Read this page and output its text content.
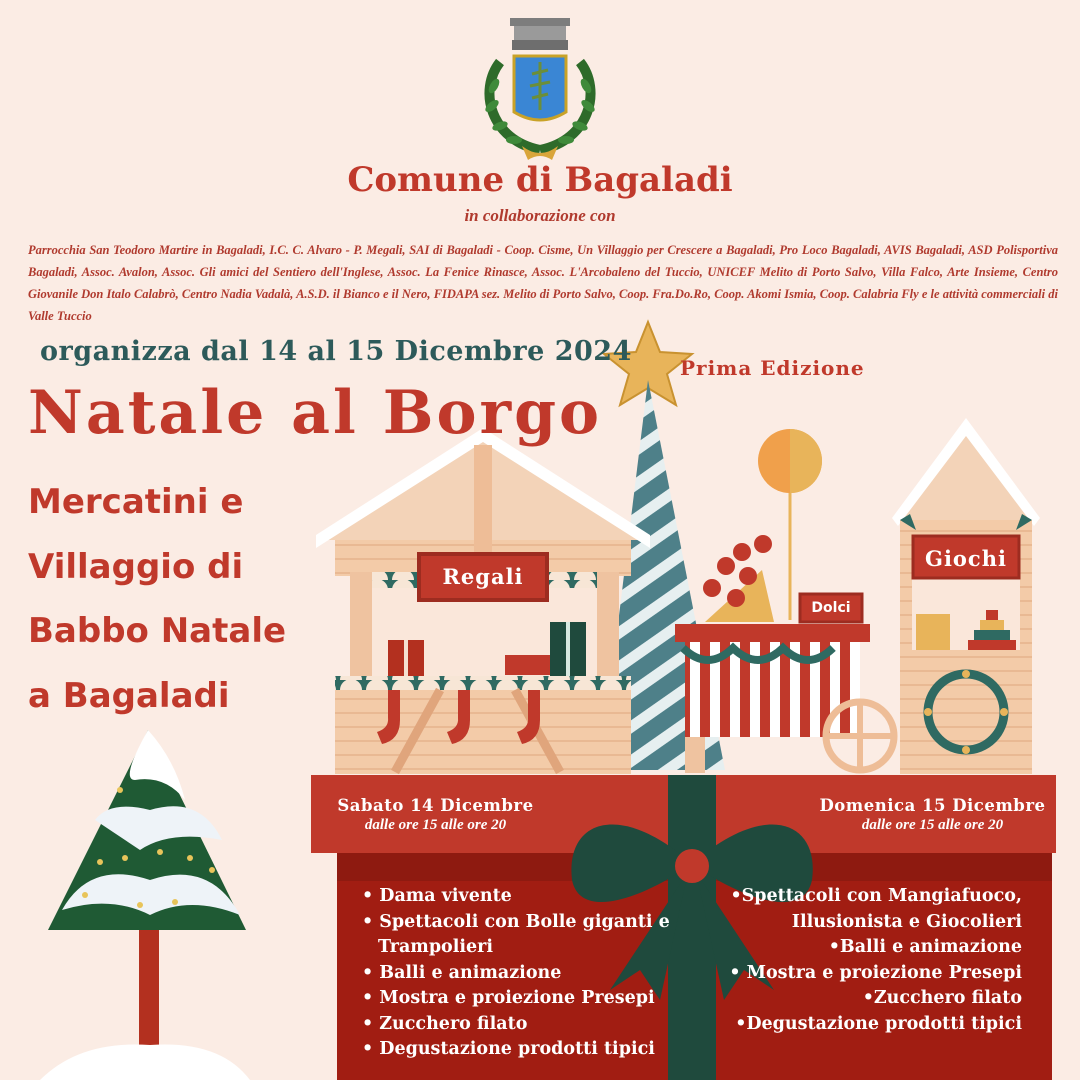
Comune di Bagaladi
in collaborazione con
Parrocchia San Teodoro Martire in Bagaladi, I.C. C. Alvaro - P. Megali, SAI di Bagaladi - Coop. Cisme, Un Villaggio per Crescere a Bagaladi, Pro Loco Bagaladi, AVIS Bagaladi, ASD Polisportiva Bagaladi, Assoc. Avalon, Assoc. Gli amici del Sentiero dell'Inglese, Assoc. La Fenice Rinasce, Assoc. L'Arcobaleno del Tuccio, UNICEF Melito di Porto Salvo, Villa Falco, Arte Insieme, Centro Giovanile Don Italo Calabrò, Centro Nadia Vadalà, A.S.D. il Bianco e il Nero, FIDAPA sez. Melito di Porto Salvo, Coop. Fra.Do.Ro, Coop. Akomi Ismia, Coop. Calabria Fly e le attività commerciali di Valle Tuccio
organizza dal 14 al 15 Dicembre 2024
Natale al Borgo
Prima Edizione
Mercatini e
Villaggio di
Babbo Natale
a Bagaladi
Regali
Giochi
Dolci
Sabato 14 Dicembre
dalle ore 15 alle ore 20
Domenica 15 Dicembre
dalle ore 15 alle ore 20
• Dama vivente
• Spettacoli con Bolle giganti e Trampolieri
• Balli e animazione
• Mostra e proiezione Presepi
• Zucchero filato
• Degustazione prodotti tipici
•Spettacoli con Mangiafuoco, Illusionista e Giocolieri
•Balli e animazione
• Mostra e proiezione Presepi
•Zucchero filato
•Degustazione prodotti tipici
